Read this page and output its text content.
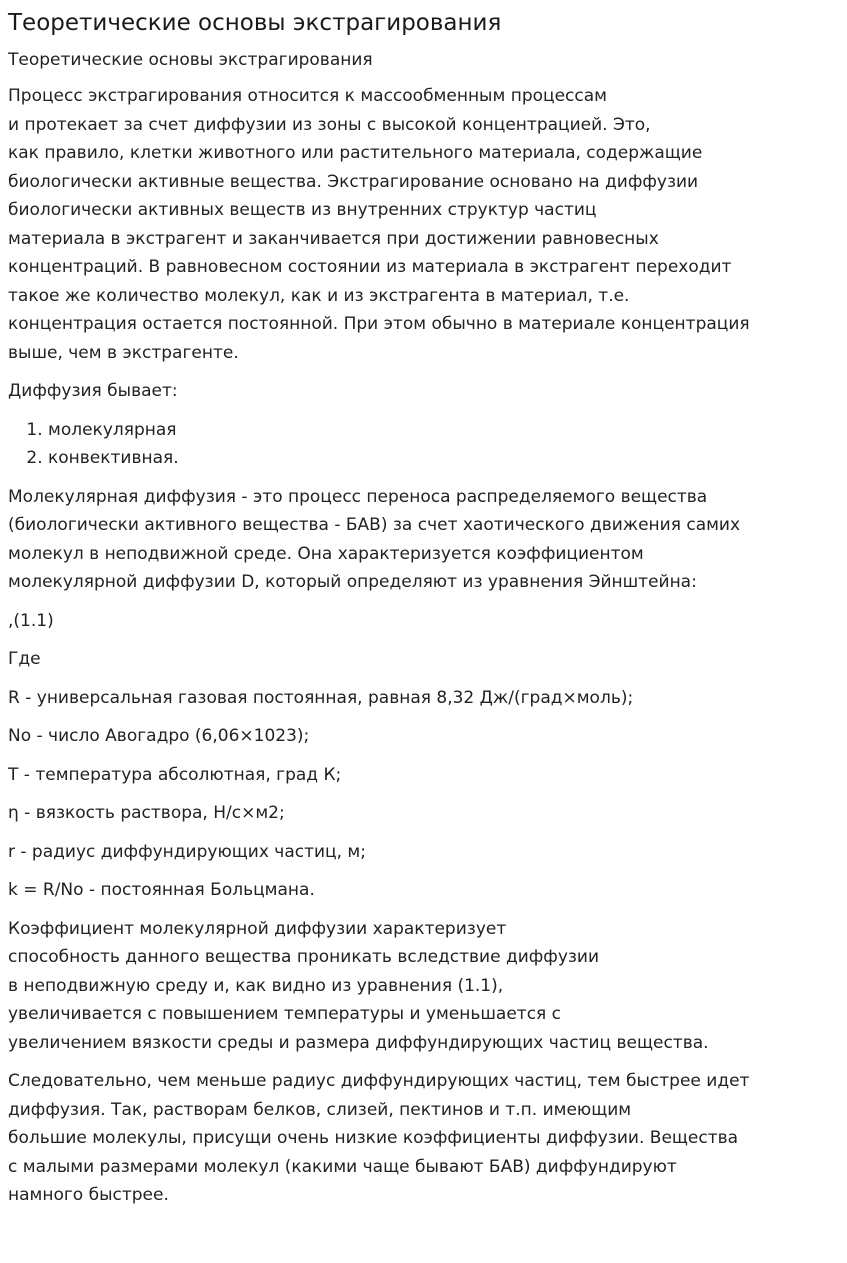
Теоретические основы экстрагирования
Теоретические основы экстрагирования

Процесс экстрагирования относится к массообменным процессам
и протекает за счет диффузии из зоны с высокой концентрацией. Это,
как правило, клетки животного или растительного материала, содержащие
биологически активные вещества. Экстрагирование основано на диффузии
биологически активных веществ из внутренних структур частиц
материала в экстрагент и заканчивается при достижении равновесных
концентраций. В равновесном состоянии из материала в экстрагент переходит
такое же количество молекул, как и из экстрагента в материал, т.е.
концентрация остается постоянной. При этом обычно в материале концентрация
выше, чем в экстрагенте.

Диффузия бывает:

1. молекулярная
2. конвективная.

Молекулярная диффузия - это процесс переноса распределяемого вещества
(биологически активного вещества - БАВ) за счет хаотического движения самих
молекул в неподвижной среде. Она характеризуется коэффициентом
молекулярной диффузии D, который определяют из уравнения Эйнштейна:

,(1.1)

Где

R - универсальная газовая постоянная, равная 8,32 Дж/(град×моль);

No - число Авогадро (6,06×1023);

T - температура абсолютная, град К;

η - вязкость раствора, Н/с×м2;

r - радиус диффундирующих частиц, м;

k = R/No - постоянная Больцмана.

Коэффициент молекулярной диффузии характеризует
способность данного вещества проникать вследствие диффузии
в неподвижную среду и, как видно из уравнения (1.1),
увеличивается с повышением температуры и уменьшается с
увеличением вязкости среды и размера диффундирующих частиц вещества.

Следовательно, чем меньше радиус диффундирующих частиц, тем быстрее идет
диффузия. Так, растворам белков, слизей, пектинов и т.п. имеющим
большие молекулы, присущи очень низкие коэффициенты диффузии. Вещества
с малыми размерами молекул (какими чаще бывают БАВ) диффундируют
намного быстрее.
